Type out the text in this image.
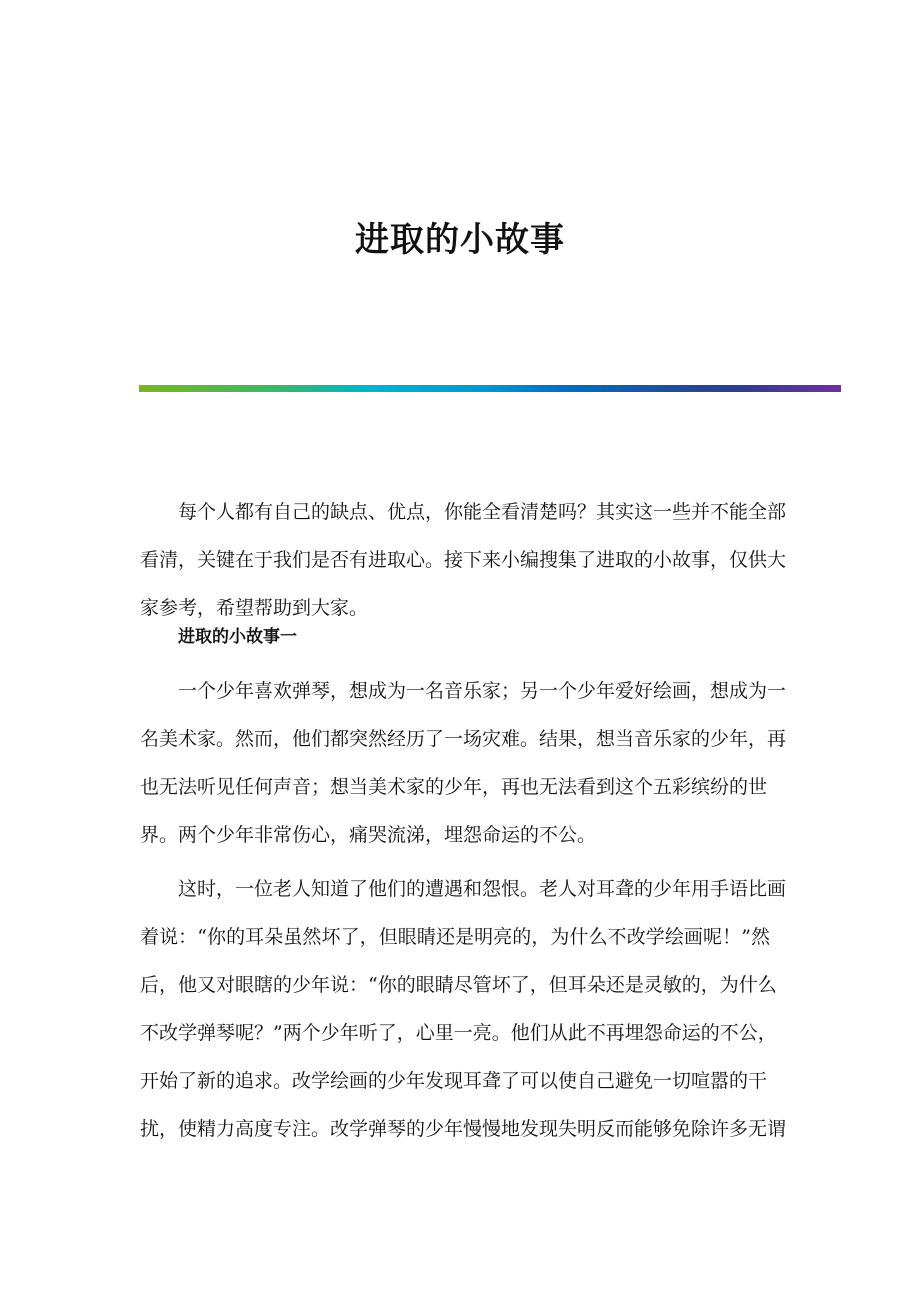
进取的小故事
每个人都有自己的缺点、优点，你能全看清楚吗？其实这一些并不能全部
看清，关键在于我们是否有进取心。接下来小编搜集了进取的小故事，仅供大
家参考，希望帮助到大家。
进取的小故事一
一个少年喜欢弹琴，想成为一名音乐家；另一个少年爱好绘画，想成为一
名美术家。然而，他们都突然经历了一场灾难。结果，想当音乐家的少年，再
也无法听见任何声音；想当美术家的少年，再也无法看到这个五彩缤纷的世
界。两个少年非常伤心，痛哭流涕，埋怨命运的不公。
这时，一位老人知道了他们的遭遇和怨恨。老人对耳聋的少年用手语比画
着说：“你的耳朵虽然坏了，但眼睛还是明亮的，为什么不改学绘画呢！”然
后，他又对眼瞎的少年说：“你的眼睛尽管坏了，但耳朵还是灵敏的，为什么
不改学弹琴呢？”两个少年听了，心里一亮。他们从此不再埋怨命运的不公，
开始了新的追求。改学绘画的少年发现耳聋了可以使自己避免一切喧嚣的干
扰，使精力高度专注。改学弹琴的少年慢慢地发现失明反而能够免除许多无谓
